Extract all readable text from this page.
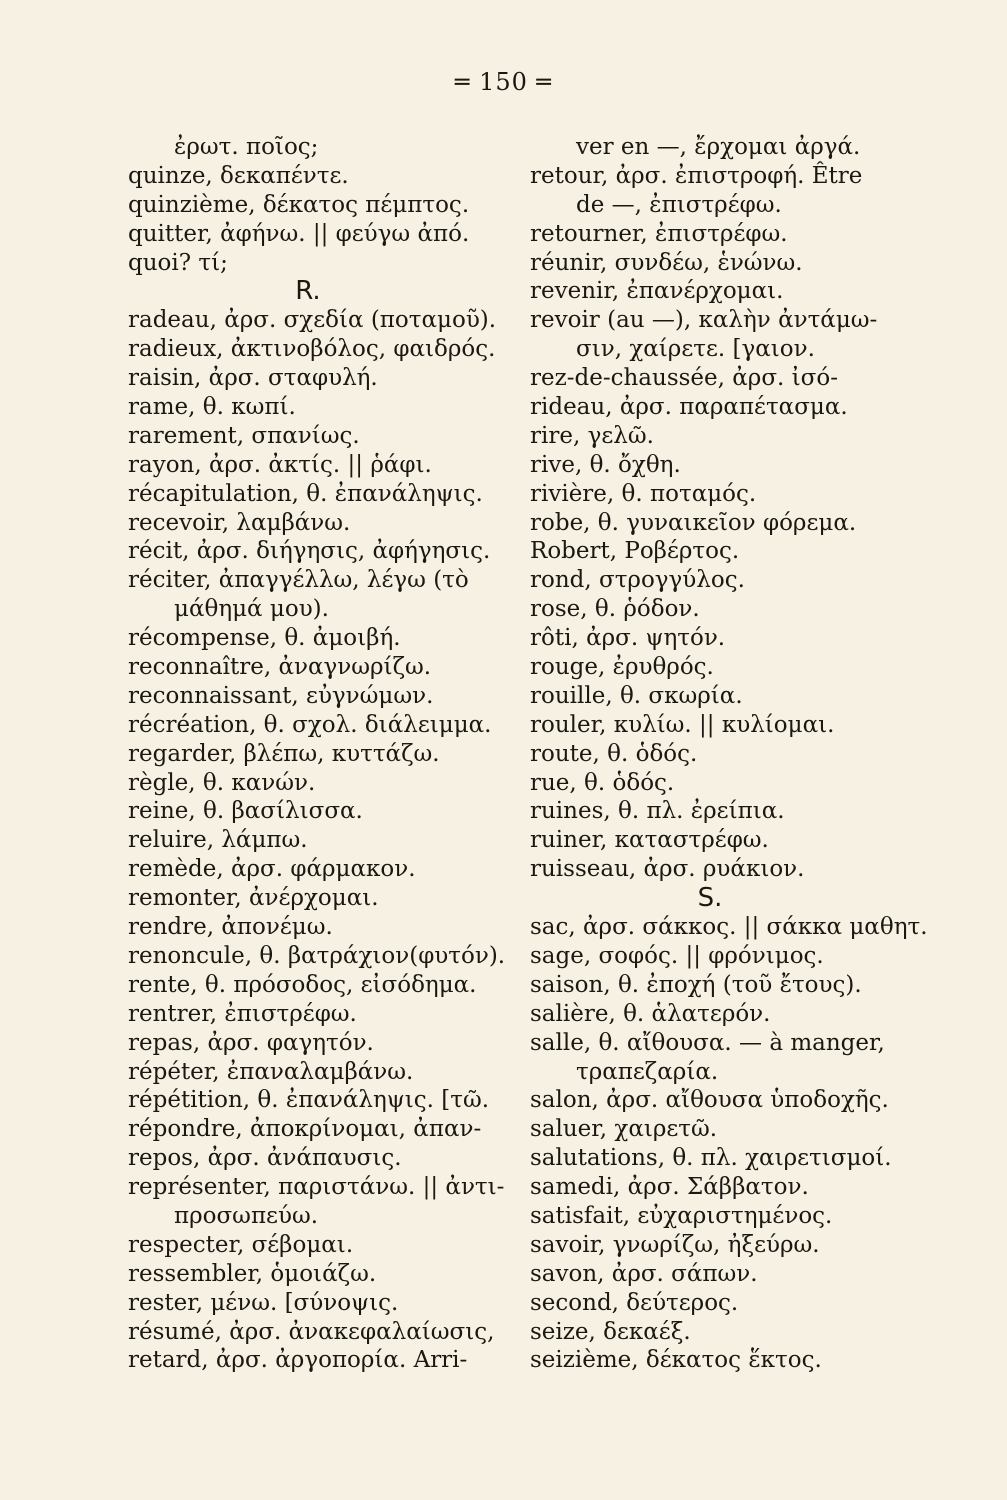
═ 150 ═
ἐρωτ. ποῖος;
quinze, δεκαπέντε.
quinzième, δέκατος πέμπτος.
quitter, ἀφήνω. || φεύγω ἀπό.
quoi? τί;
R.
radeau, ἀρσ. σχεδία (ποταμοῦ).
radieux, ἀκτινοβόλος, φαιδρός.
raisin, ἀρσ. σταφυλή.
rame, θ. κωπί.
rarement, σπανίως.
rayon, ἀρσ. ἀκτίς. || ῥάφι.
récapitulation, θ. ἐπανάληψις.
recevoir, λαμβάνω.
récit, ἀρσ. διήγησις, ἀφήγησις.
réciter, ἀπαγγέλλω, λέγω (τὸ
μάθημά μου).
récompense, θ. ἀμοιβή.
reconnaître, ἀναγνωρίζω.
reconnaissant, εὐγνώμων.
récréation, θ. σχολ. διάλειμμα.
regarder, βλέπω, κυττάζω.
règle, θ. κανών.
reine, θ. βασίλισσα.
reluire, λάμπω.
remède, ἀρσ. φάρμακον.
remonter, ἀνέρχομαι.
rendre, ἀπονέμω.
renoncule, θ. βατράχιον(φυτόν).
rente, θ. πρόσοδος, εἰσόδημα.
rentrer, ἐπιστρέφω.
repas, ἀρσ. φαγητόν.
répéter, ἐπαναλαμβάνω.
répétition, θ. ἐπανάληψις. [τῶ.
répondre, ἀποκρίνομαι, ἀπαν-
repos, ἀρσ. ἀνάπαυσις.
représenter, παριστάνω. || ἀντι-
προσωπεύω.
respecter, σέβομαι.
ressembler, ὁμοιάζω.
rester, μένω. [σύνοψις.
résumé, ἀρσ. ἀνακεφαλαίωσις,
retard, ἀρσ. ἀργοπορία. Arri-
ver en —, ἔρχομαι ἀργά.
retour, ἀρσ. ἐπιστροφή. Être
de —, ἐπιστρέφω.
retourner, ἐπιστρέφω.
réunir, συνδέω, ἑνώνω.
revenir, ἐπανέρχομαι.
revoir (au —), καλὴν ἀντάμω-
σιν, χαίρετε. [γαιον.
rez-de-chaussée, ἀρσ. ἰσό-
rideau, ἀρσ. παραπέτασμα.
rire, γελῶ.
rive, θ. ὄχθη.
rivière, θ. ποταμός.
robe, θ. γυναικεῖον φόρεμα.
Robert, Ροβέρτος.
rond, στρογγύλος.
rose, θ. ῥόδον.
rôti, ἀρσ. ψητόν.
rouge, ἐρυθρός.
rouille, θ. σκωρία.
rouler, κυλίω. || κυλίομαι.
route, θ. ὁδός.
rue, θ. ὁδός.
ruines, θ. πλ. ἐρείπια.
ruiner, καταστρέφω.
ruisseau, ἀρσ. ρυάκιον.
S.
sac, ἀρσ. σάκκος. || σάκκα μαθητ.
sage, σοφός. || φρόνιμος.
saison, θ. ἐποχή (τοῦ ἔτους).
salière, θ. ἁλατερόν.
salle, θ. αἴθουσα. — à manger,
τραπεζαρία.
salon, ἀρσ. αἴθουσα ὑποδοχῆς.
saluer, χαιρετῶ.
salutations, θ. πλ. χαιρετισμοί.
samedi, ἀρσ. Σάββατον.
satisfait, εὐχαριστημένος.
savoir, γνωρίζω, ἠξεύρω.
savon, ἀρσ. σάπων.
second, δεύτερος.
seize, δεκαέξ.
seizième, δέκατος ἕκτος.
